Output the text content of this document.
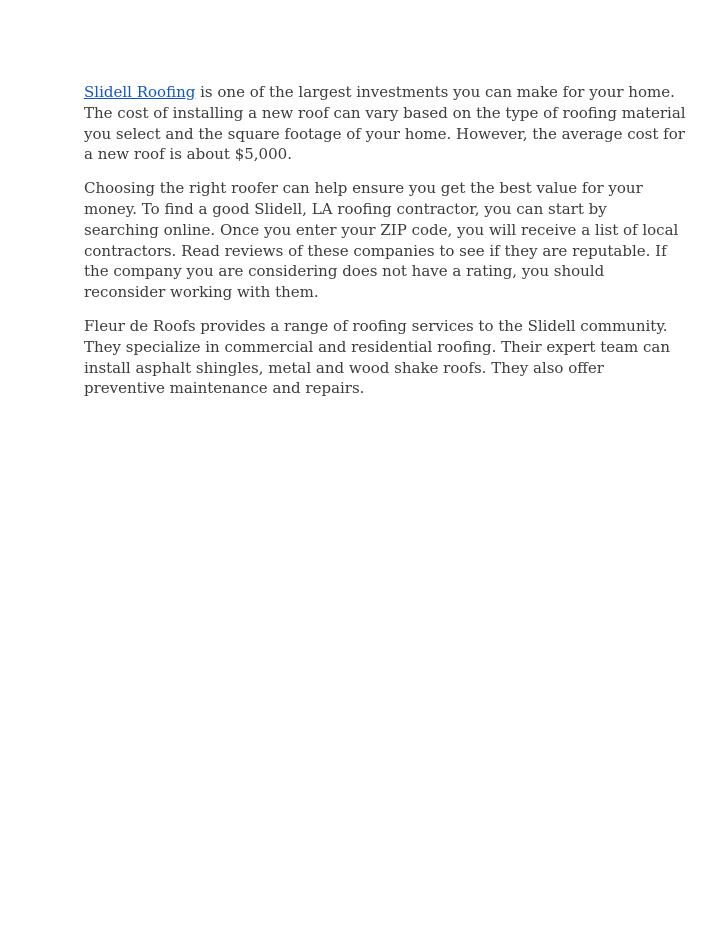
Slidell Roofing is one of the largest investments you can make for your home.
The cost of installing a new roof can vary based on the type of roofing material
you select and the square footage of your home. However, the average cost for
a new roof is about $5,000.

Choosing the right roofer can help ensure you get the best value for your
money. To find a good Slidell, LA roofing contractor, you can start by
searching online. Once you enter your ZIP code, you will receive a list of local
contractors. Read reviews of these companies to see if they are reputable. If
the company you are considering does not have a rating, you should
reconsider working with them.

Fleur de Roofs provides a range of roofing services to the Slidell community.
They specialize in commercial and residential roofing. Their expert team can
install asphalt shingles, metal and wood shake roofs. They also offer
preventive maintenance and repairs.
